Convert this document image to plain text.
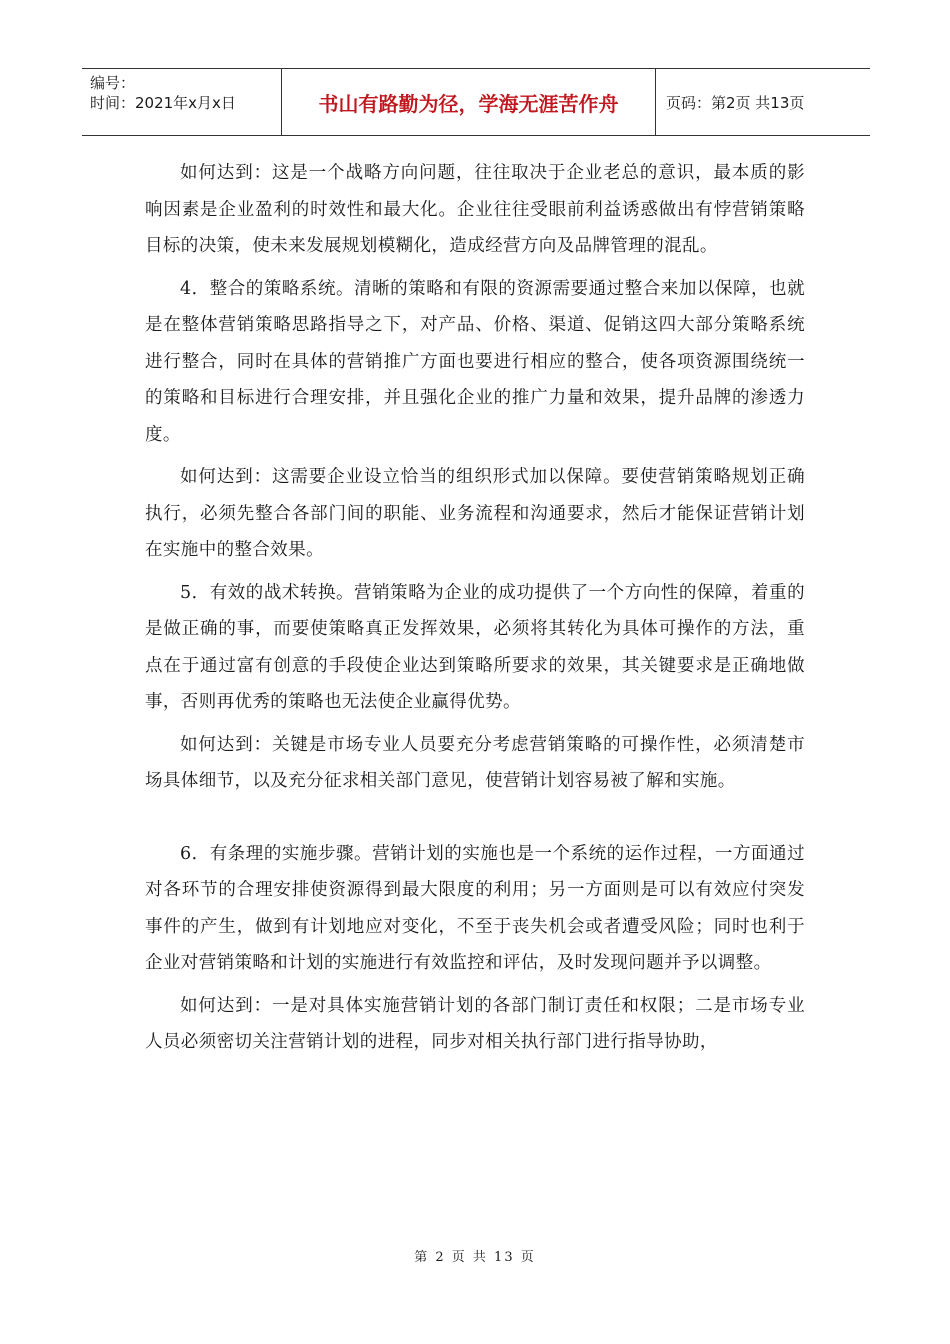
编号：
时间：2021年x月x日	书山有路勤为径，学海无涯苦作舟	页码：第2页 共13页

如何达到：这是一个战略方向问题，往往取决于企业老总的意识，最本质的影响因素是企业盈利的时效性和最大化。企业往往受眼前利益诱惑做出有悖营销策略目标的决策，使未来发展规划模糊化，造成经营方向及品牌管理的混乱。

4．整合的策略系统。清晰的策略和有限的资源需要通过整合来加以保障，也就是在整体营销策略思路指导之下，对产品、价格、渠道、促销这四大部分策略系统进行整合，同时在具体的营销推广方面也要进行相应的整合，使各项资源围绕统一的策略和目标进行合理安排，并且强化企业的推广力量和效果，提升品牌的渗透力度。

如何达到：这需要企业设立恰当的组织形式加以保障。要使营销策略规划正确执行，必须先整合各部门间的职能、业务流程和沟通要求，然后才能保证营销计划在实施中的整合效果。

5．有效的战术转换。营销策略为企业的成功提供了一个方向性的保障，着重的是做正确的事，而要使策略真正发挥效果，必须将其转化为具体可操作的方法，重点在于通过富有创意的手段使企业达到策略所要求的效果，其关键要求是正确地做事，否则再优秀的策略也无法使企业赢得优势。

如何达到：关键是市场专业人员要充分考虑营销策略的可操作性，必须清楚市场具体细节，以及充分征求相关部门意见，使营销计划容易被了解和实施。

6．有条理的实施步骤。营销计划的实施也是一个系统的运作过程，一方面通过对各环节的合理安排使资源得到最大限度的利用；另一方面则是可以有效应付突发事件的产生，做到有计划地应对变化，不至于丧失机会或者遭受风险；同时也利于企业对营销策略和计划的实施进行有效监控和评估，及时发现问题并予以调整。

如何达到：一是对具体实施营销计划的各部门制订责任和权限；二是市场专业人员必须密切关注营销计划的进程，同步对相关执行部门进行指导协助，

第 2 页 共 13 页
